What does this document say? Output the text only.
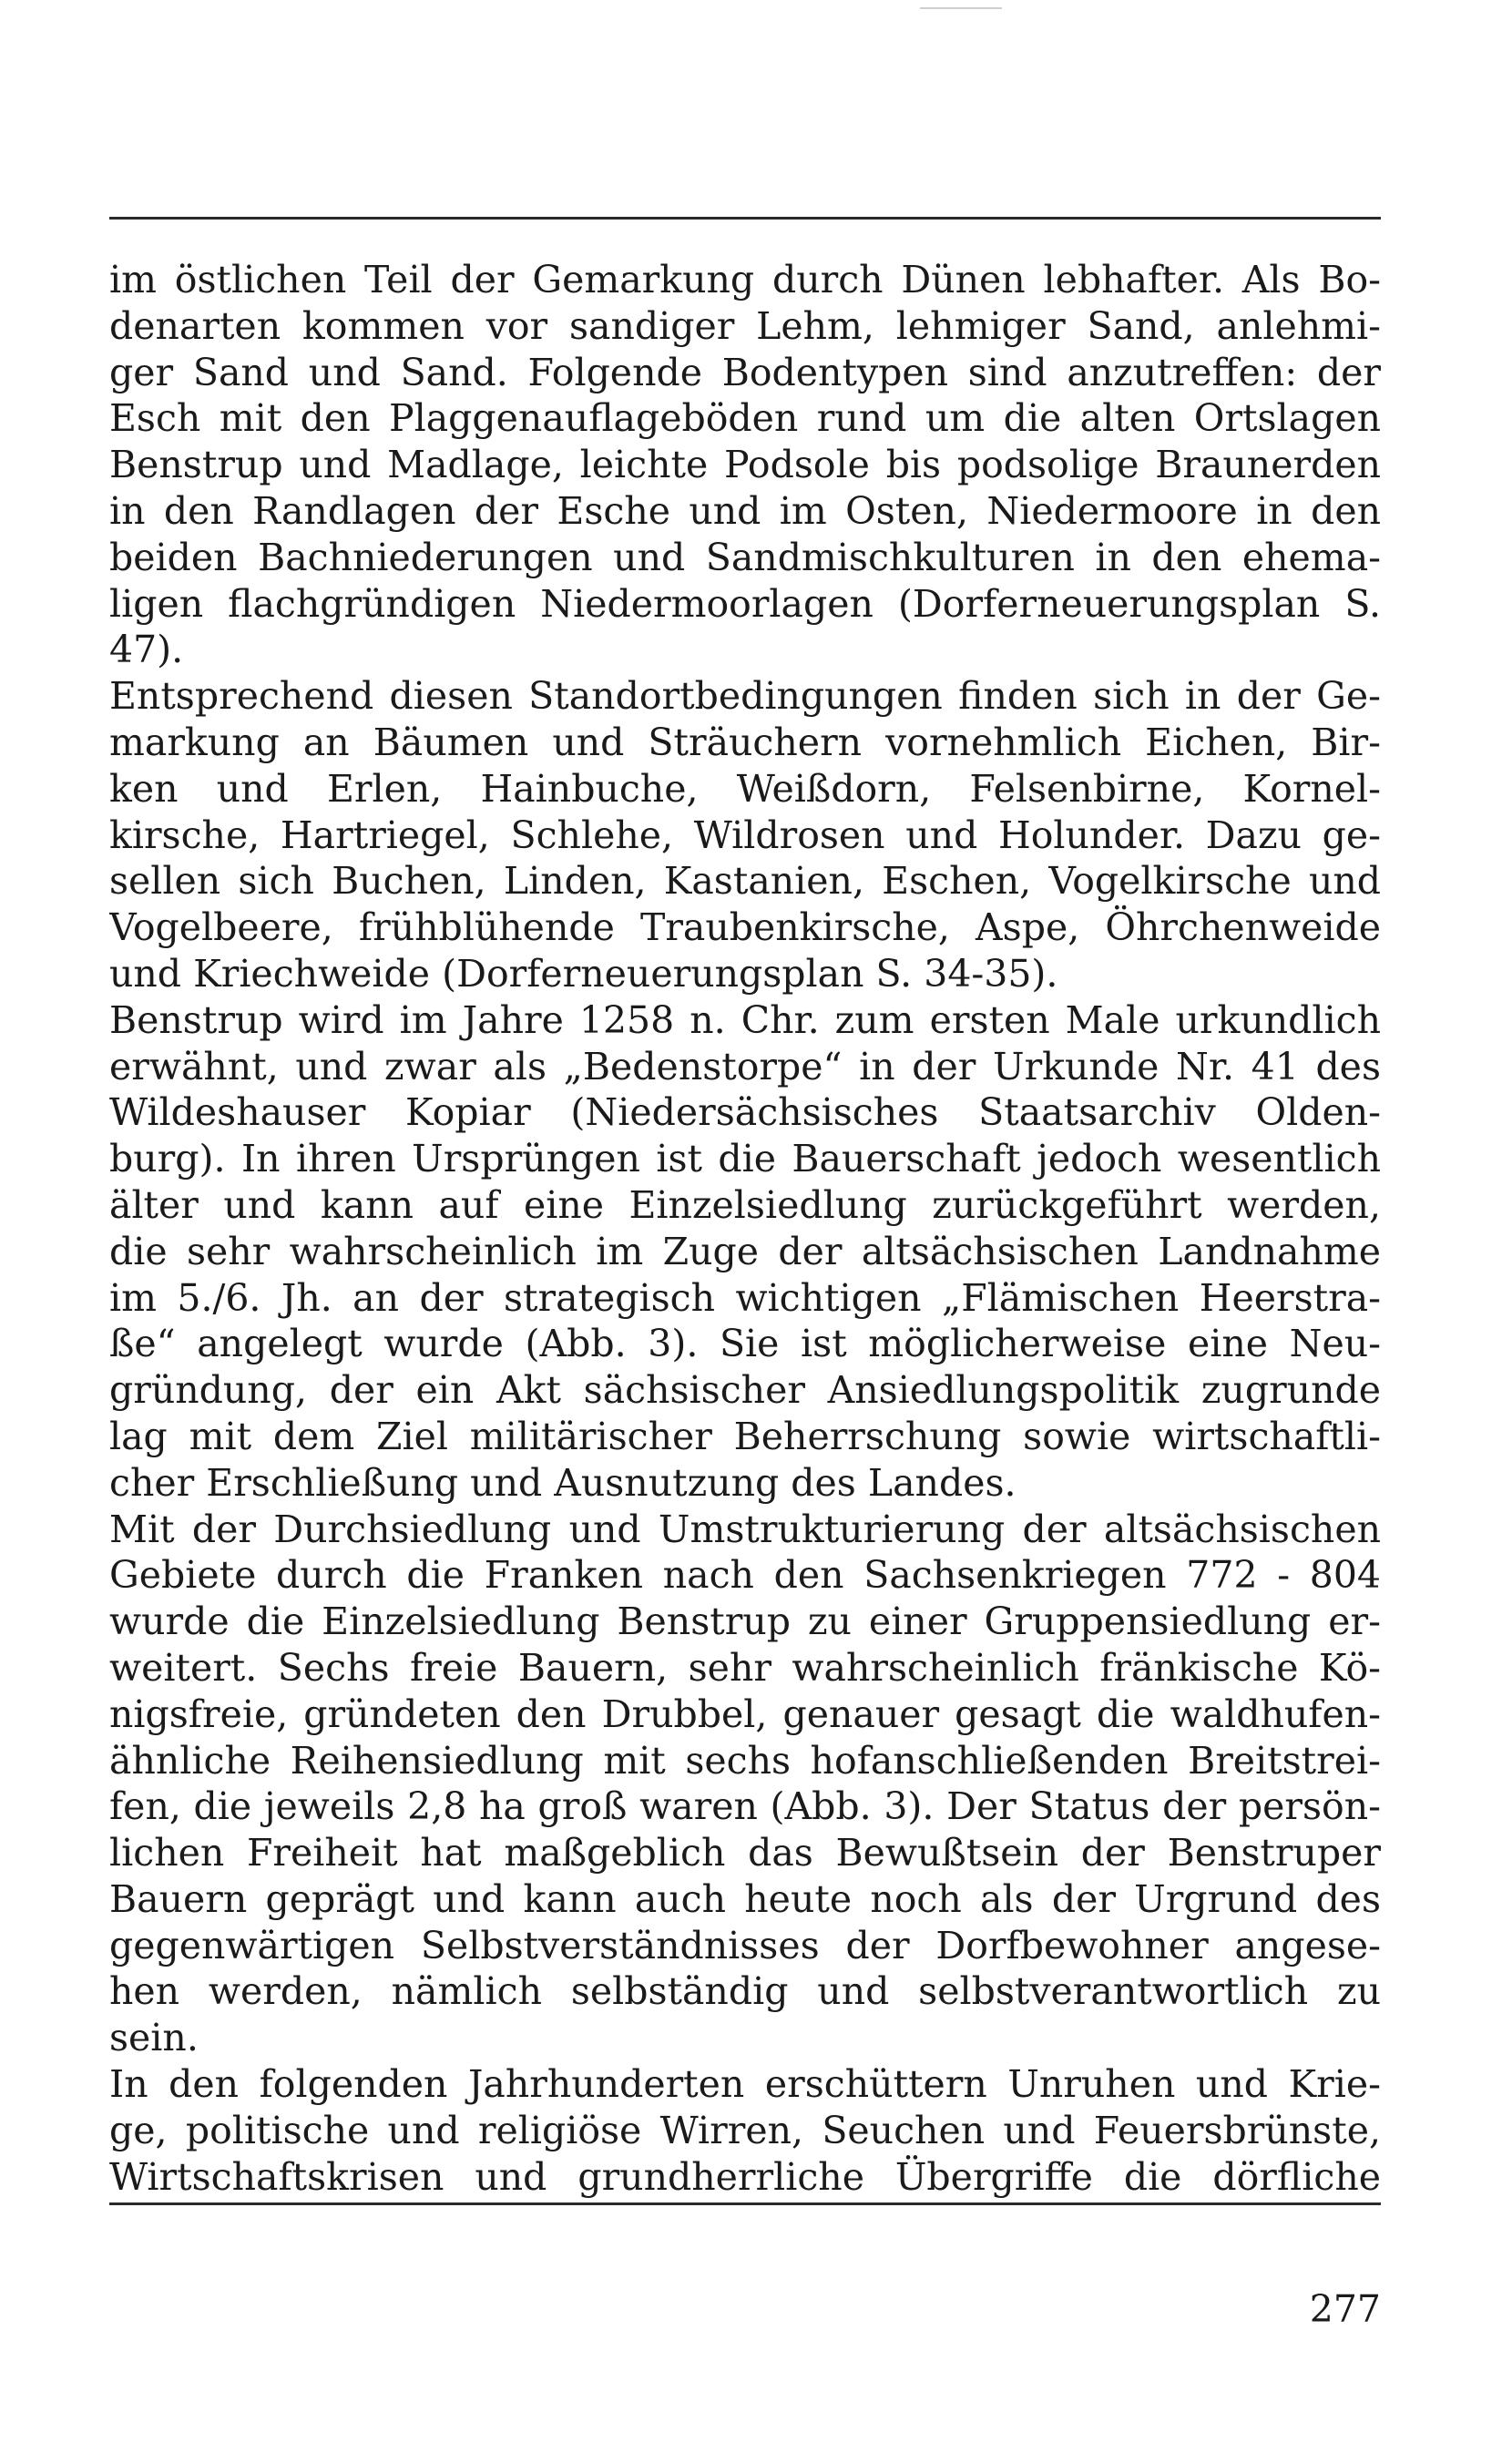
im östlichen Teil der Gemarkung durch Dünen lebhafter. Als Bo-
denarten kommen vor sandiger Lehm, lehmiger Sand, anlehmi-
ger Sand und Sand. Folgende Bodentypen sind anzutreffen: der
Esch mit den Plaggenauflageböden rund um die alten Ortslagen
Benstrup und Madlage, leichte Podsole bis podsolige Braunerden
in den Randlagen der Esche und im Osten, Niedermoore in den
beiden Bachniederungen und Sandmischkulturen in den ehema-
ligen flachgründigen Niedermoorlagen (Dorferneuerungsplan S.
47).
Entsprechend diesen Standortbedingungen finden sich in der Ge-
markung an Bäumen und Sträuchern vornehmlich Eichen, Bir-
ken und Erlen, Hainbuche, Weißdorn, Felsenbirne, Kornel-
kirsche, Hartriegel, Schlehe, Wildrosen und Holunder. Dazu ge-
sellen sich Buchen, Linden, Kastanien, Eschen, Vogelkirsche und
Vogelbeere, frühblühende Traubenkirsche, Aspe, Öhrchenweide
und Kriechweide (Dorferneuerungsplan S. 34-35).
Benstrup wird im Jahre 1258 n. Chr. zum ersten Male urkundlich
erwähnt, und zwar als „Bedenstorpe“ in der Urkunde Nr. 41 des
Wildeshauser Kopiar (Niedersächsisches Staatsarchiv Olden-
burg). In ihren Ursprüngen ist die Bauerschaft jedoch wesentlich
älter und kann auf eine Einzelsiedlung zurückgeführt werden,
die sehr wahrscheinlich im Zuge der altsächsischen Landnahme
im 5./6. Jh. an der strategisch wichtigen „Flämischen Heerstra-
ße“ angelegt wurde (Abb. 3). Sie ist möglicherweise eine Neu-
gründung, der ein Akt sächsischer Ansiedlungspolitik zugrunde
lag mit dem Ziel militärischer Beherrschung sowie wirtschaftli-
cher Erschließung und Ausnutzung des Landes.
Mit der Durchsiedlung und Umstrukturierung der altsächsischen
Gebiete durch die Franken nach den Sachsenkriegen 772 - 804
wurde die Einzelsiedlung Benstrup zu einer Gruppensiedlung er-
weitert. Sechs freie Bauern, sehr wahrscheinlich fränkische Kö-
nigsfreie, gründeten den Drubbel, genauer gesagt die waldhufen-
ähnliche Reihensiedlung mit sechs hofanschließenden Breitstrei-
fen, die jeweils 2,8 ha groß waren (Abb. 3). Der Status der persön-
lichen Freiheit hat maßgeblich das Bewußtsein der Benstruper
Bauern geprägt und kann auch heute noch als der Urgrund des
gegenwärtigen Selbstverständnisses der Dorfbewohner angese-
hen werden, nämlich selbständig und selbstverantwortlich zu
sein.
In den folgenden Jahrhunderten erschüttern Unruhen und Krie-
ge, politische und religiöse Wirren, Seuchen und Feuersbrünste,
Wirtschaftskrisen und grundherrliche Übergriffe die dörfliche
277
